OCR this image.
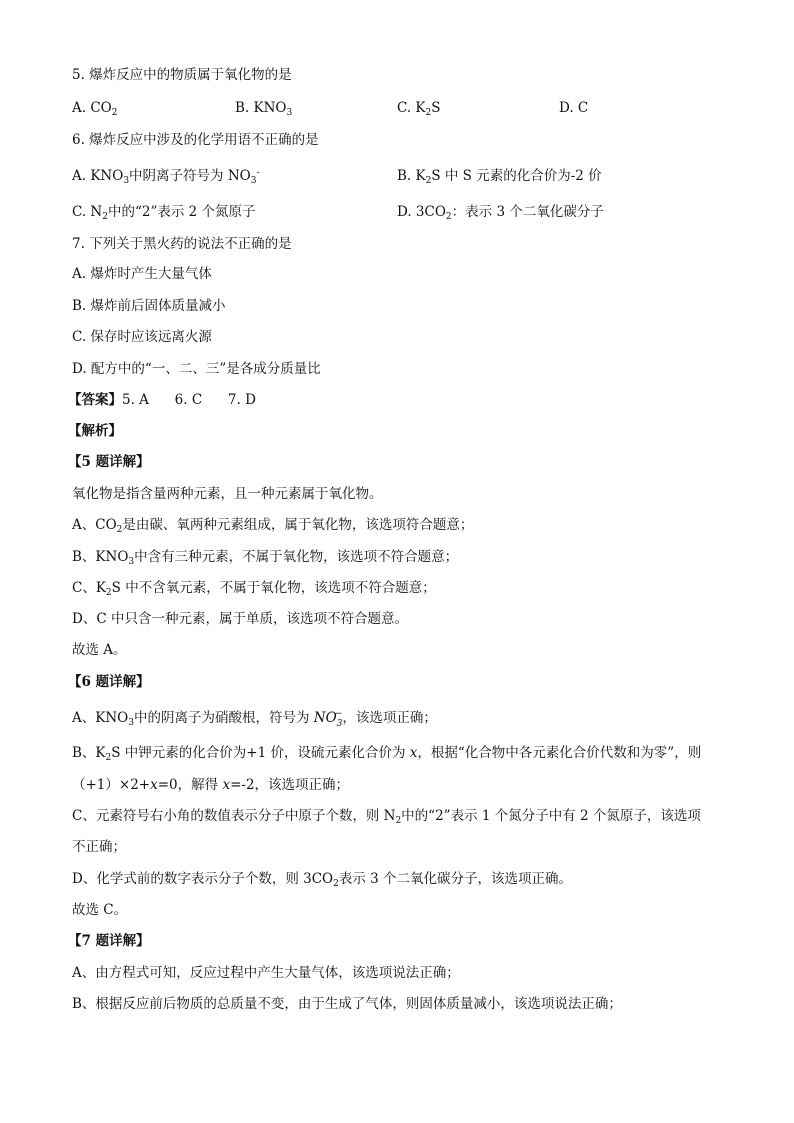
5. 爆炸反应中的物质属于氧化物的是
A. $CO_2$	B. $KNO_3$	C. $K_2S$	D. C
6. 爆炸反应中涉及的化学用语不正确的是
A. $KNO_3$中阴离子符号为 $NO_3^-$	B. $K_2S$ 中 S 元素的化合价为-2 价
C. $N_2$中的“2”表示 2 个氮原子	D. $3CO_2$：表示 3 个二氧化碳分子
7. 下列关于黑火药的说法不正确的是
A. 爆炸时产生大量气体
B. 爆炸前后固体质量减小
C. 保存时应该远离火源
D. 配方中的“一、二、三”是各成分质量比
【答案】5. A      6. C      7. D
【解析】
【5 题详解】
氧化物是指含量两种元素，且一种元素属于氧化物。
A、$CO_2$是由碳、氧两种元素组成，属于氧化物，该选项符合题意；
B、$KNO_3$中含有三种元素，不属于氧化物，该选项不符合题意；
C、$K_2S$ 中不含氧元素，不属于氧化物，该选项不符合题意；
D、C 中只含一种元素，属于单质，该选项不符合题意。
故选 A。
【6 题详解】
A、$KNO_3$中的阴离子为硝酸根，符号为 $NO_3$
− ，该选项正确；
B、$K_2S$ 中钾元素的化合价为+1 价，设硫元素化合价为 x，根据“化合物中各元素化合价代数和为零”，则
（+1）×2+x=0，解得 x=-2，该选项正确；
C、元素符号右小角的数值表示分子中原子个数，则 $N_2$中的“2”表示 1 个氮分子中有 2 个氮原子，该选项
不正确；
D、化学式前的数字表示分子个数，则 $3CO_2$表示 3 个二氧化碳分子，该选项正确。
故选 C。
【7 题详解】
A、由方程式可知，反应过程中产生大量气体，该选项说法正确；
B、根据反应前后物质的总质量不变，由于生成了气体，则固体质量减小，该选项说法正确；
